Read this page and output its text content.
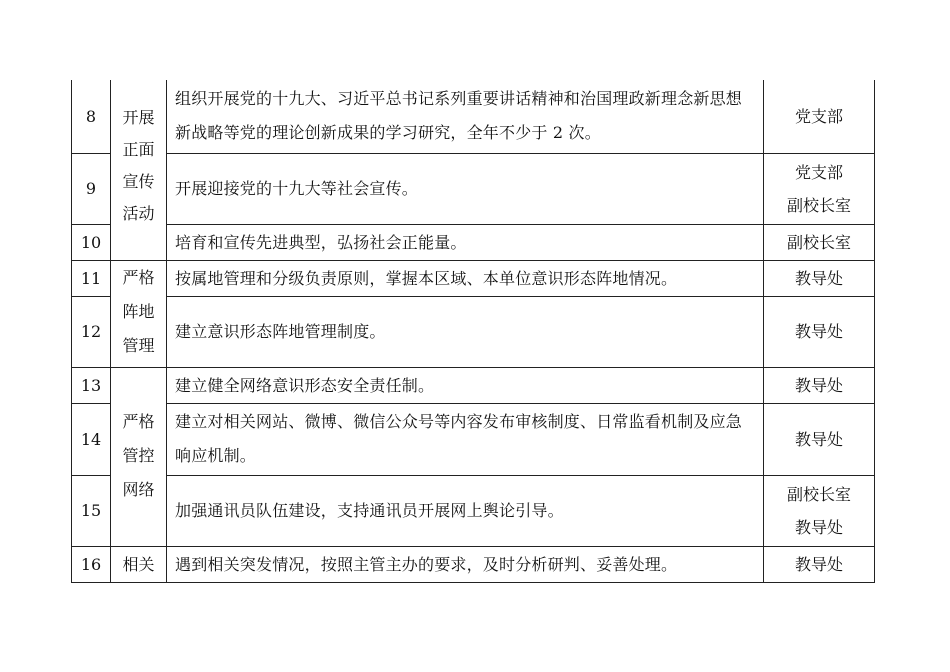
8	开展正面宣传活动	组织开展党的十九大、习近平总书记系列重要讲话精神和治国理政新理念新思想新战略等党的理论创新成果的学习研究，全年不少于 2 次。	党支部

9		开展迎接党的十九大等社会宣传。	党支部
副校长室

10		培育和宣传先进典型，弘扬社会正能量。	副校长室

11	严格阵地管理	按属地管理和分级负责原则，掌握本区域、本单位意识形态阵地情况。	教导处

12		建立意识形态阵地管理制度。	教导处

13	严格管控网络	建立健全网络意识形态安全责任制。	教导处

14		建立对相关网站、微博、微信公众号等内容发布审核制度、日常监看机制及应急响应机制。	教导处

15		加强通讯员队伍建设，支持通讯员开展网上舆论引导。	副校长室
教导处

16	相关	遇到相关突发情况，按照主管主办的要求，及时分析研判、妥善处理。	教导处
